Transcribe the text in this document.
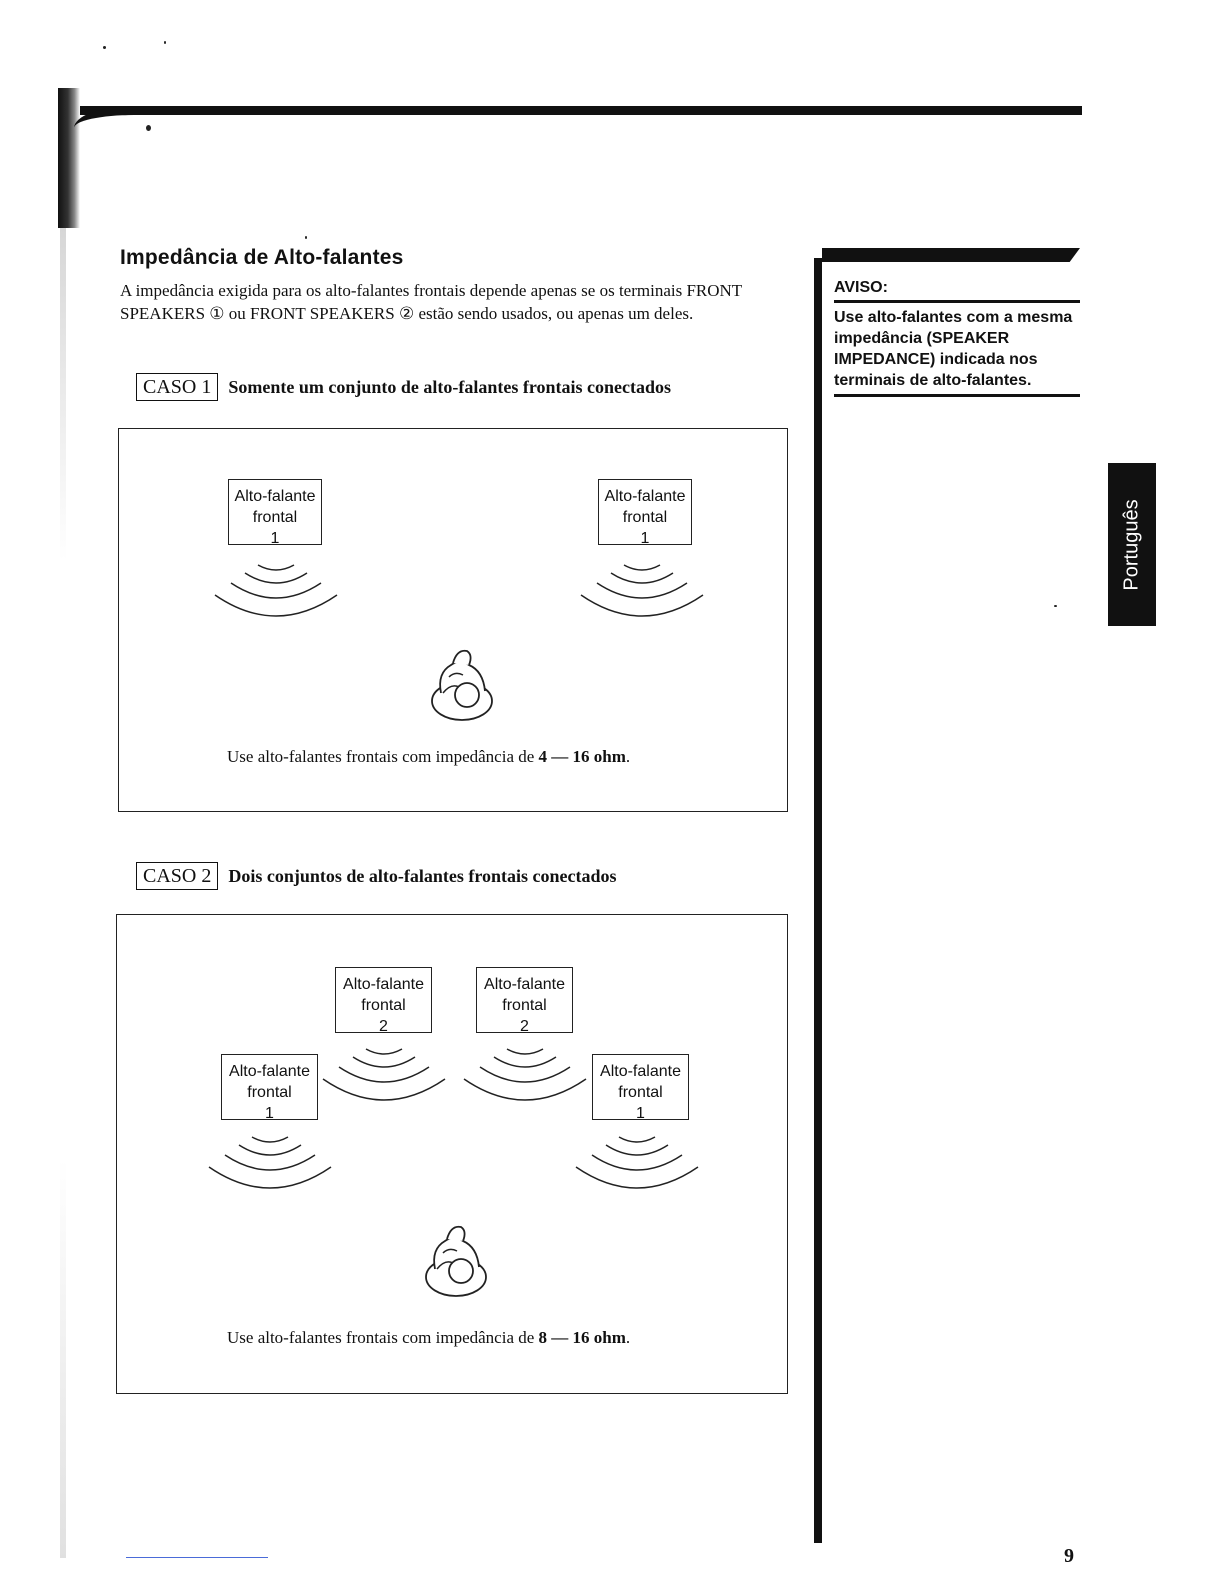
Impedância de Alto-falantes
A impedância exigida para os alto-falantes frontais depende apenas se os terminais FRONT SPEAKERS ① ou FRONT SPEAKERS ② estão sendo usados, ou apenas um deles.
CASO 1 Somente um conjunto de alto-falantes frontais conectados
Alto-falante
frontal
1
Alto-falante
frontal
1
Use alto-falantes frontais com impedância de 4 — 16 ohm.
CASO 2 Dois conjuntos de alto-falantes frontais conectados
Alto-falante
frontal
2
Alto-falante
frontal
2
Alto-falante
frontal
1
Alto-falante
frontal
1
Use alto-falantes frontais com impedância de 8 — 16 ohm.
AVISO:
Use alto-falantes com a mesma impedância (SPEAKER IMPEDANCE) indicada nos terminais de alto-falantes.
Português
9
